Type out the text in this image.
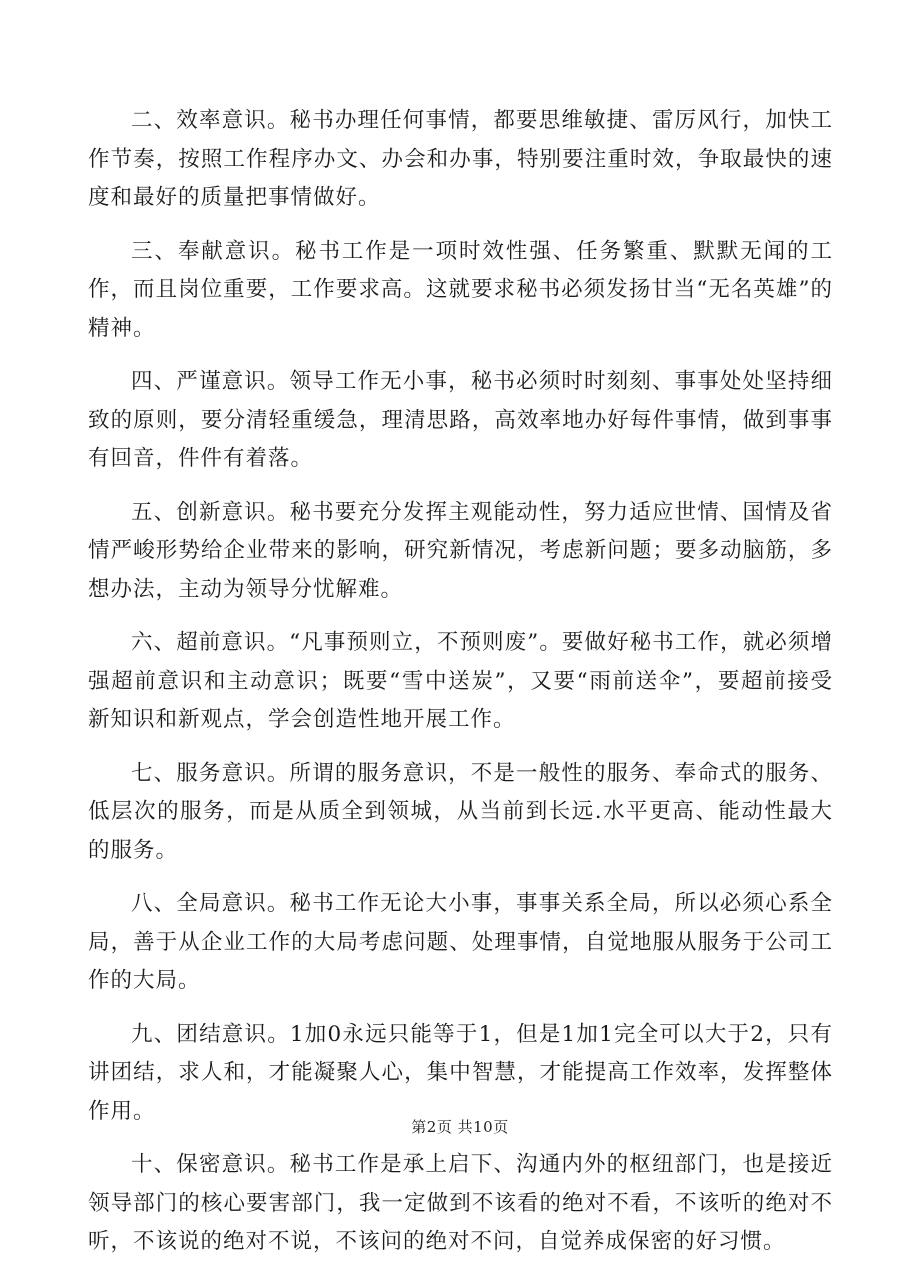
二、效率意识。秘书办理任何事情，都要思维敏捷、雷厉风行，加快工作节奏，按照工作程序办文、办会和办事，特别要注重时效，争取最快的速度和最好的质量把事情做好。

三、奉献意识。秘书工作是一项时效性强、任务繁重、默默无闻的工作，而且岗位重要，工作要求高。这就要求秘书必须发扬甘当“无名英雄”的精神。

四、严谨意识。领导工作无小事，秘书必须时时刻刻、事事处处坚持细致的原则，要分清轻重缓急，理清思路，高效率地办好每件事情，做到事事有回音，件件有着落。

五、创新意识。秘书要充分发挥主观能动性，努力适应世情、国情及省情严峻形势给企业带来的影响，研究新情况，考虑新问题；要多动脑筋，多想办法，主动为领导分忧解难。

六、超前意识。“凡事预则立，不预则废”。要做好秘书工作，就必须增强超前意识和主动意识；既要“雪中送炭”，又要“雨前送伞”，要超前接受新知识和新观点，学会创造性地开展工作。

七、服务意识。所谓的服务意识，不是一般性的服务、奉命式的服务、低层次的服务，而是从质全到领城，从当前到长远.水平更高、能动性最大的服务。

八、全局意识。秘书工作无论大小事，事事关系全局，所以必须心系全局，善于从企业工作的大局考虑问题、处理事情，自觉地服从服务于公司工作的大局。

九、团结意识。1加0永远只能等于1，但是1加1完全可以大于2，只有讲团结，求人和，才能凝聚人心，集中智慧，才能提高工作效率，发挥整体作用。

十、保密意识。秘书工作是承上启下、沟通内外的枢纽部门，也是接近领导部门的核心要害部门，我一定做到不该看的绝对不看，不该听的绝对不听，不该说的绝对不说，不该问的绝对不问，自觉养成保密的好习惯。

第2页 共10页
